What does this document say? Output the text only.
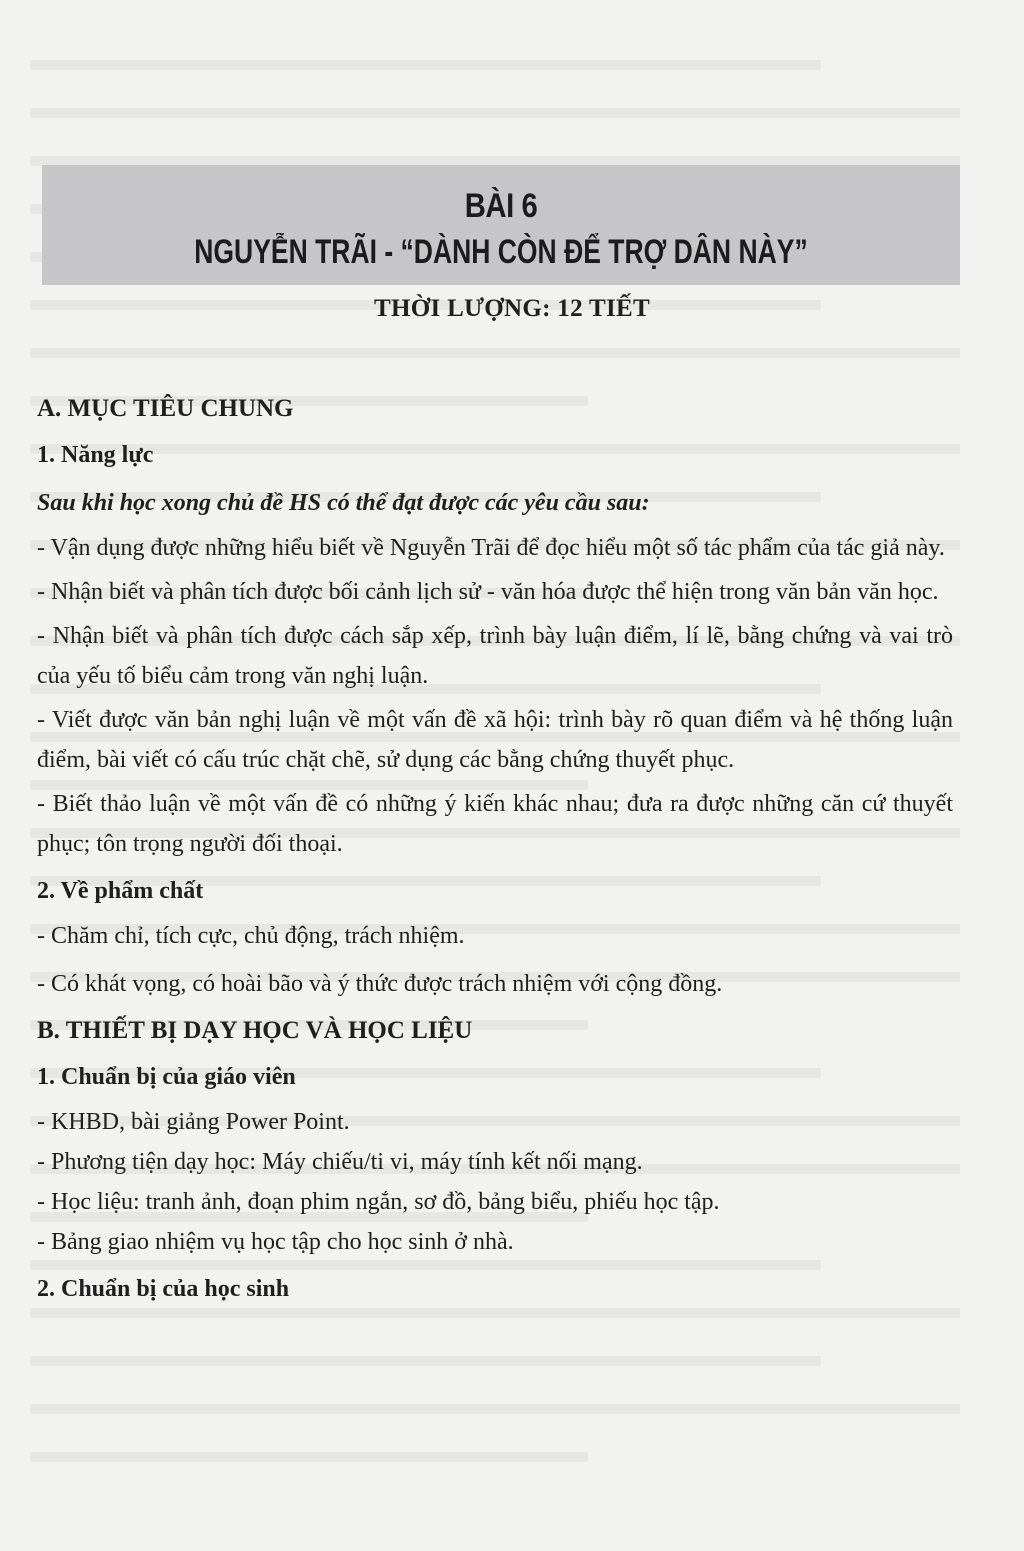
BÀI 6
NGUYỄN TRÃI - “DÀNH CÒN ĐỂ TRỢ DÂN NÀY”
THỜI LƯỢNG: 12 TIẾT

A. MỤC TIÊU CHUNG

1. Năng lực

Sau khi học xong chủ đề HS có thể đạt được các yêu cầu sau:

- Vận dụng được những hiểu biết về Nguyễn Trãi để đọc hiểu một số tác phẩm của tác giả này.

- Nhận biết và phân tích được bối cảnh lịch sử - văn hóa được thể hiện trong văn bản văn học.

- Nhận biết và phân tích được cách sắp xếp, trình bày luận điểm, lí lẽ, bằng chứng và vai trò của yếu tố biểu cảm trong văn nghị luận.

- Viết được văn bản nghị luận về một vấn đề xã hội: trình bày rõ quan điểm và hệ thống luận điểm, bài viết có cấu trúc chặt chẽ, sử dụng các bằng chứng thuyết phục.

- Biết thảo luận về một vấn đề có những ý kiến khác nhau; đưa ra được những căn cứ thuyết phục; tôn trọng người đối thoại.

2. Về phẩm chất

- Chăm chỉ, tích cực, chủ động, trách nhiệm.

- Có khát vọng, có hoài bão và ý thức được trách nhiệm với cộng đồng.

B. THIẾT BỊ DẠY HỌC VÀ HỌC LIỆU

1. Chuẩn bị của giáo viên

- KHBD, bài giảng Power Point.

- Phương tiện dạy học: Máy chiếu/ti vi, máy tính kết nối mạng.

- Học liệu: tranh ảnh, đoạn phim ngắn, sơ đồ, bảng biểu, phiếu học tập.

- Bảng giao nhiệm vụ học tập cho học sinh ở nhà.

2. Chuẩn bị của học sinh
